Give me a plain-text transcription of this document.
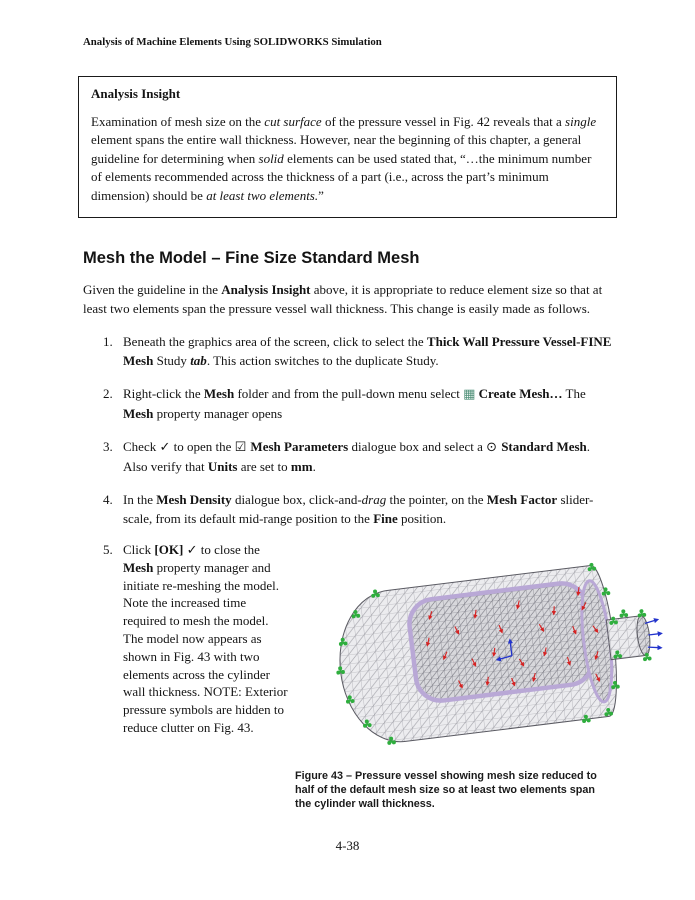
Analysis of Machine Elements Using SOLIDWORKS Simulation
Analysis Insight
Examination of mesh size on the cut surface of the pressure vessel in Fig. 42 reveals that a single element spans the entire wall thickness. However, near the beginning of this chapter, a general guideline for determining when solid elements can be used stated that, “…the minimum number of elements recommended across the thickness of a part (i.e., across the part’s minimum dimension) should be at least two elements.”
Mesh the Model – Fine Size Standard Mesh

Given the guideline in the Analysis Insight above, it is appropriate to reduce element size so that at least two elements span the pressure vessel wall thickness. This change is easily made as follows.

1. Beneath the graphics area of the screen, click to select the Thick Wall Pressure Vessel-FINE Mesh Study tab. This action switches to the duplicate Study.
2. Right-click the Mesh folder and from the pull-down menu select ▦ Create Mesh… The Mesh property manager opens
3. Check ✓ to open the ☑ Mesh Parameters dialogue box and select a ⊙ Standard Mesh. Also verify that Units are set to mm.
4. In the Mesh Density dialogue box, click-and-drag the pointer, on the Mesh Factor slider-scale, from its default mid-range position to the Fine position.
5. Click [OK] ✓ to close the Mesh property manager and initiate re-meshing the model. Note the increased time required to mesh the model. The model now appears as shown in Fig. 43 with two elements across the cylinder wall thickness. NOTE: Exterior pressure symbols are hidden to reduce clutter on Fig. 43.
Figure 43 – Pressure vessel showing mesh size reduced to half of the default mesh size so at least two elements span the cylinder wall thickness.
4-38
